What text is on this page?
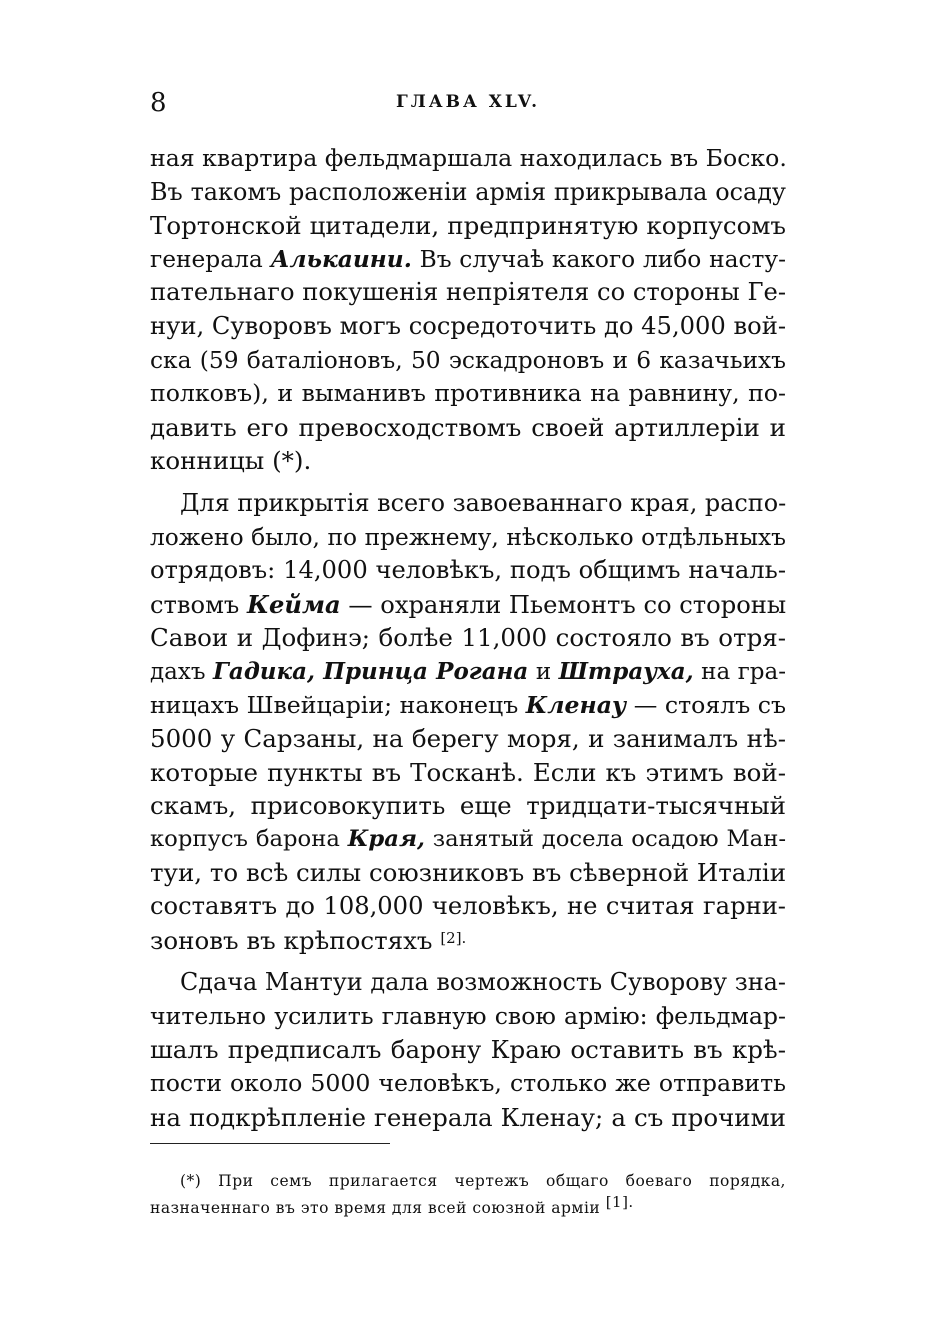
8	ГЛАВА XLV.
ная квартира фельдмаршала находилась въ Боско.
Въ такомъ расположенiи армiя прикрывала осаду
Тортонской цитадели, предпринятую корпусомъ
генерала Алькаини. Въ случаѣ какого либо насту-
пательнаго покушенiя непрiятеля со стороны Ге-
нуи, Суворовъ могъ сосредоточить до 45,000 вой-
ска (59 баталiоновъ, 50 эскадроновъ и 6 казачьихъ
полковъ), и выманивъ противника на равнину, по-
давить его превосходствомъ своей артиллерiи и
конницы (*).
Для прикрытiя всего завоеваннаго края, распо-
ложено было, по прежнему, нѣсколько отдѣльныхъ
отрядовъ: 14,000 человѣкъ, подъ общимъ началь-
ствомъ Кейма — охраняли Пьемонтъ со стороны
Савои и Дофинэ; болѣе 11,000 состояло въ отря-
дахъ Гадика, Принца Рогана и Штрауха, на гра-
ницахъ Швейцарiи; наконецъ Кленау — стоялъ съ
5000 у Сарзаны, на берегу моря, и занималъ нѣ-
которые пункты въ Тосканѣ. Если къ этимъ вой-
скамъ, присовокупить еще тридцати-тысячный
корпусъ барона Края, занятый досела осадою Ман-
туи, то всѣ силы союзниковъ въ сѣверной Италiи
составятъ до 108,000 человѣкъ, не считая гарни-
зоновъ въ крѣпостяхъ $^{[2].}$
Сдача Мантуи дала возможность Суворову зна-
чительно усилить главную свою армiю: фельдмар-
шалъ предписалъ барону Краю оставить въ крѣ-
пости около 5000 человѣкъ, столько же отправить
на подкрѣпленiе генерала Кленау; а съ прочими
(*) При семъ прилагается чертежъ общаго боеваго порядка,
назначеннаго въ это время для всей союзной армiи $^{[1].}$
